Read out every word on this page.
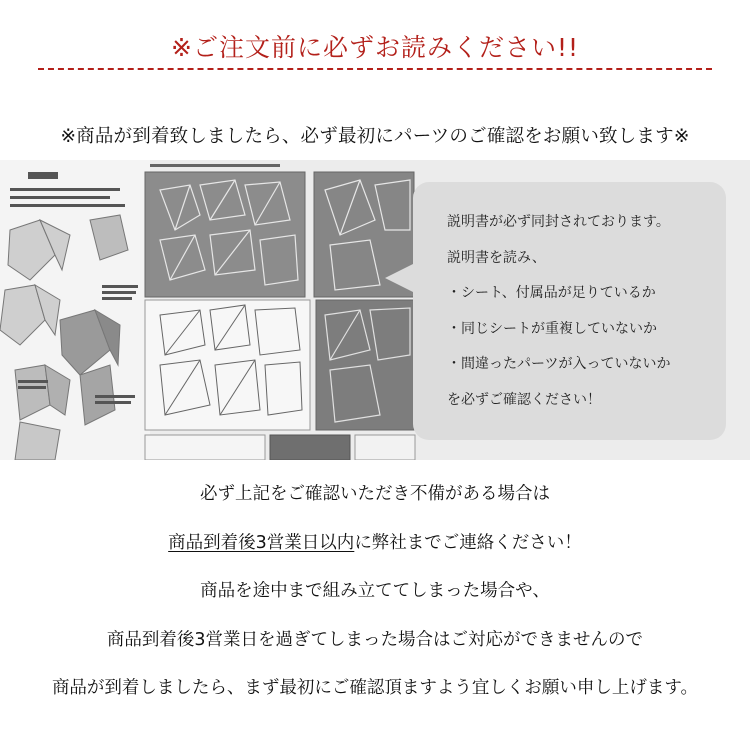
※ご注文前に必ずお読みください!!
※商品が到着致しましたら、必ず最初にパーツのご確認をお願い致します※
説明書が必ず同封されております。
説明書を読み、
・シート、付属品が足りているか
・同じシートが重複していないか
・間違ったパーツが入っていないか
を必ずご確認ください！
必ず上記をご確認いただき不備がある場合は
商品到着後3営業日以内に弊社までご連絡ください！
商品を途中まで組み立ててしまった場合や、
商品到着後3営業日を過ぎてしまった場合はご対応ができませんので
商品が到着しましたら、まず最初にご確認頂ますよう宜しくお願い申し上げます。
